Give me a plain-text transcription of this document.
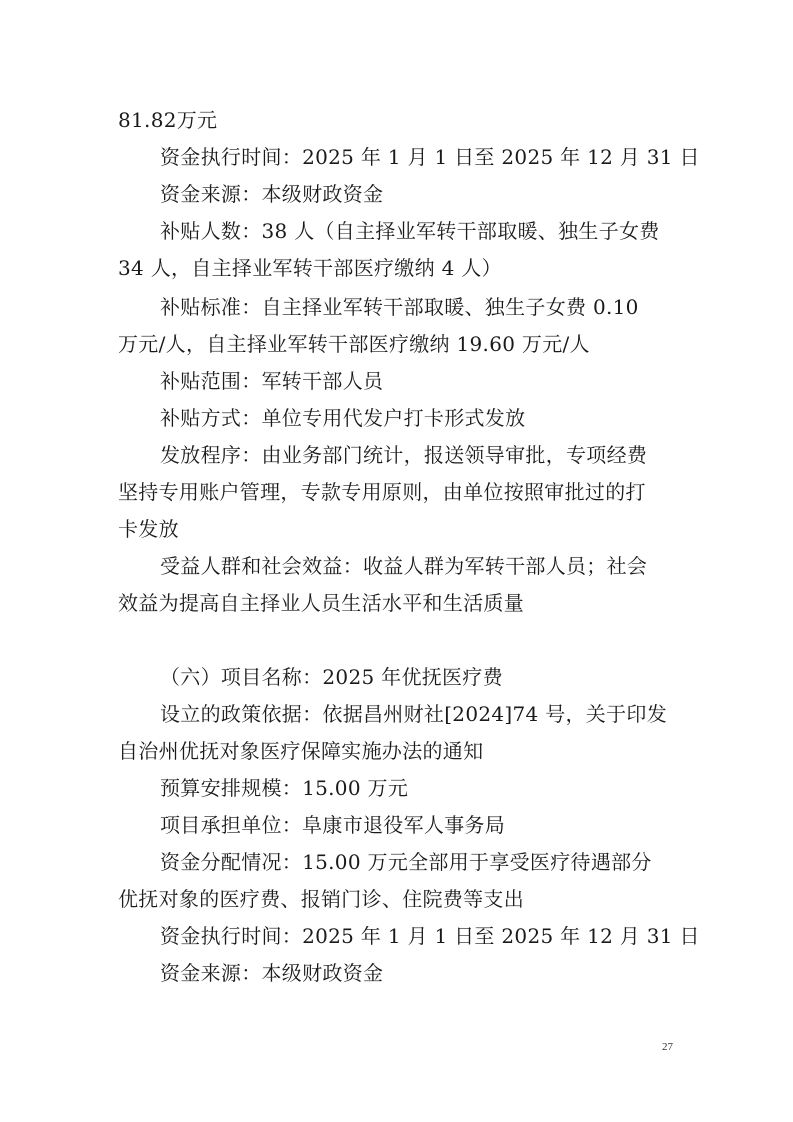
81.82万元
资金执行时间：2025 年 1 月 1 日至 2025 年 12 月 31 日
资金来源：本级财政资金
补贴人数：38 人（自主择业军转干部取暖、独生子女费
34 人，自主择业军转干部医疗缴纳 4 人）
补贴标准：自主择业军转干部取暖、独生子女费 0.10
万元/人，自主择业军转干部医疗缴纳 19.60 万元/人
补贴范围：军转干部人员
补贴方式：单位专用代发户打卡形式发放
发放程序：由业务部门统计，报送领导审批，专项经费
坚持专用账户管理，专款专用原则，由单位按照审批过的打
卡发放
受益人群和社会效益：收益人群为军转干部人员；社会
效益为提高自主择业人员生活水平和生活质量
（六）项目名称：2025 年优抚医疗费
设立的政策依据：依据昌州财社[2024]74 号，关于印发
自治州优抚对象医疗保障实施办法的通知
预算安排规模：15.00 万元
项目承担单位：阜康市退役军人事务局
资金分配情况：15.00 万元全部用于享受医疗待遇部分
优抚对象的医疗费、报销门诊、住院费等支出
资金执行时间：2025 年 1 月 1 日至 2025 年 12 月 31 日
资金来源：本级财政资金
27
